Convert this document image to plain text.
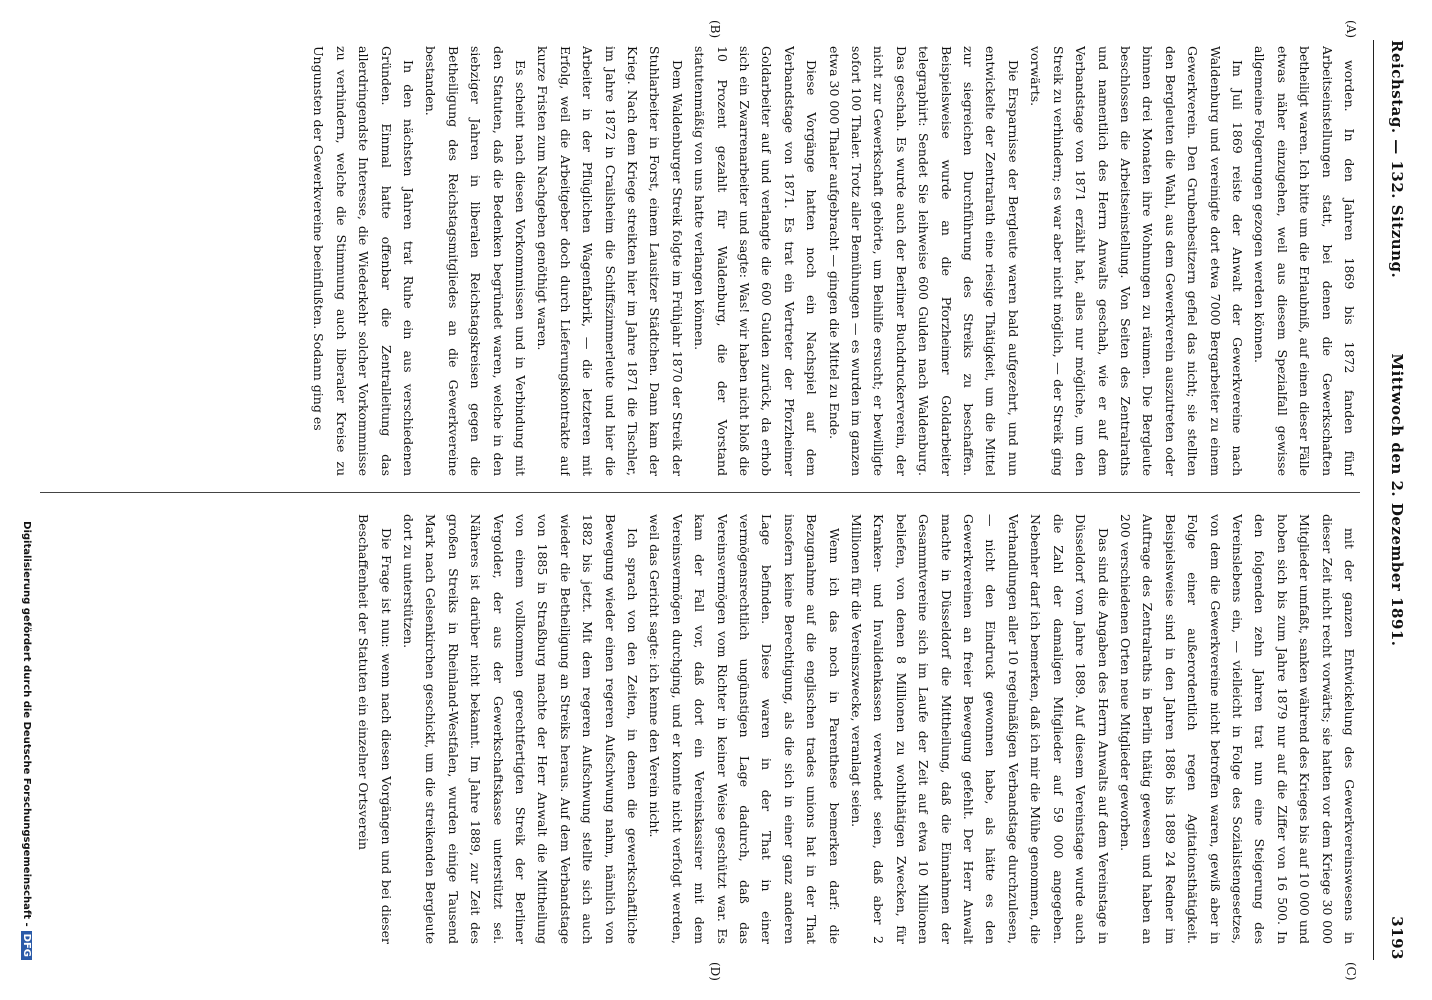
Reichstag. — 132. Sitzung.
Mittwoch den 2. Dezember 1891.
3193
(A)
(B)
(C)
(D)

worden. In den Jahren 1869 bis 1872 fanden fünf Arbeitseinstellungen statt, bei denen die Gewerkschaften betheiligt waren. Ich bitte um die Erlaubniß, auf einen dieser Fälle etwas näher einzugehen, weil aus diesem Spezialfall gewisse allgemeine Folgerungen gezogen werden können.

Im Juli 1869 reiste der Anwalt der Gewerkvereine nach Waldenburg und vereinigte dort etwa 7000 Bergarbeiter zu einem Gewerkverein. Den Grubenbesitzern gefiel das nicht; sie stellten den Bergleuten die Wahl, aus dem Gewerkverein auszutreten oder binnen drei Monaten ihre Wohnungen zu räumen. Die Bergleute beschlossen die Arbeitseinstellung. Von Seiten des Zentralraths und namentlich des Herrn Anwalts geschah, wie er auf dem Verbandstage von 1871 erzählt hat, alles nur mögliche, um den Streik zu verhindern; es war aber nicht möglich, — der Streik ging vorwärts.

Die Ersparnisse der Bergleute waren bald aufgezehrt, und nun entwickelte der Zentralrath eine riesige Thätigkeit, um die Mittel zur siegreichen Durchführung des Streiks zu beschaffen. Beispielsweise wurde an die Pforzheimer Goldarbeiter telegraphirt: Sendet Sie leihweise 600 Gulden nach Waldenburg. Das geschah. Es wurde auch der Berliner Buchdruckerverein, der nicht zur Gewerkschaft gehörte, um Beihilfe ersucht; er bewilligte sofort 100 Thaler. Trotz aller Bemühungen — es wurden im ganzen etwa 30 000 Thaler aufgebracht — gingen die Mittel zu Ende.

Diese Vorgänge hatten noch ein Nachspiel auf dem Verbandstage von 1871. Es trat ein Vertreter der Pforzheimer Goldarbeiter auf und verlangte die 600 Gulden zurück, da erhob sich ein Zwarrenarbeiter und sagte: Was! wir haben nicht bloß die 10 Prozent gezahlt für Waldenburg, die der Vorstand statutenmäßig von uns hatte verlangen können.

Dem Waldenburger Streik folgte im Frühjahr 1870 der Streik der Stuhlarbeiter in Forst, einem Lausitzer Städtchen. Dann kam der Krieg. Nach dem Kriege streikten hier im Jahre 1871 die Tischler, im Jahre 1872 in Crailsheim die Schiffszimmerleute und hier die Arbeiter in der Pflüglichen Wagenfabrik, — die letzteren mit Erfolg, weil die Arbeitgeber doch durch Lieferungskontrakte auf kurze Fristen zum Nachgeben genöthigt waren.

Es scheint nach diesen Vorkommnissen und in Verbindung mit den Statuten, daß die Bedenken begründet waren, welche in den siebziger Jahren in liberalen Reichstagskreisen gegen die Betheiligung des Reichstagsmitgliedes an die Gewerkvereine bestanden.

In den nächsten Jahren trat Ruhe ein aus verschiedenen Gründen. Einmal hatte offenbar die Zentralleitung das allerdringendste Interesse, die Wiederkehr solcher Vorkommnisse zu verhindern, welche die Stimmung auch liberaler Kreise zu Ungunsten der Gewerkvereine beeinflußten. Sodann ging es

mit der ganzen Entwickelung des Gewerkvereinswesens in dieser Zeit nicht recht vorwärts; sie hatten vor dem Kriege 30 000 Mitglieder umfaßt, sanken während des Krieges bis auf 10 000 und hoben sich bis zum Jahre 1879 nur auf die Ziffer von 16 500. In den folgenden zehn Jahren trat nun eine Steigerung des Vereinslebens ein, — vielleicht in Folge des Sozialistengesetzes, von dem die Gewerkvereine nicht betroffen waren, gewiß aber in Folge einer außerordentlich regen Agitationsthätigkeit. Beispielsweise sind in den Jahren 1886 bis 1889 24 Redner im Auftrage des Zentralraths in Berlin thätig gewesen und haben an 200 verschiedenen Orten neue Mitglieder geworben.

Das sind die Angaben des Herrn Anwalts auf dem Vereinstage in Düsseldorf vom Jahre 1889. Auf diesem Vereinstage wurde auch die Zahl der damaligen Mitglieder auf 59 000 angegeben. Nebenher darf ich bemerken, daß ich mir die Mühe genommen, die Verhandlungen aller 10 regelmäßigen Verbandstage durchzulesen, — nicht den Eindruck gewonnen habe, als hätte es den Gewerkvereinen an freier Bewegung gefehlt. Der Herr Anwalt machte in Düsseldorf die Mittheilung, daß die Einnahmen der Gesammtvereine sich im Laufe der Zeit auf etwa 10 Millionen beliefen, von denen 8 Millionen zu wohlthätigen Zwecken, für Kranken- und Invalidenkassen verwendet seien, daß aber 2 Millionen für die Vereinszwecke, veranlagt seien.

Wenn ich das noch in Parenthese bemerken darf: die Bezugnahme auf die englischen trades unions hat in der That insofern keine Berechtigung, als die sich in einer ganz anderen Lage befinden. Diese waren in der That in einer vermögensrechtlich ungünstigen Lage dadurch, daß das Vereinsvermögen vom Richter in keiner Weise geschützt war. Es kam der Fall vor, daß dort ein Vereinskassirer mit dem Vereinsvermögen durchging, und er konnte nicht verfolgt werden, weil das Gericht sagte: ich kenne den Verein nicht.

Ich sprach von den Zeiten, in denen die gewerkschaftliche Bewegung wieder einen regeren Aufschwung nahm, nämlich von 1882 bis jetzt. Mit dem regeren Aufschwung stellte sich auch wieder die Betheiligung an Streiks heraus. Auf dem Verbandstage von 1885 in Straßburg machte der Herr Anwalt die Mittheilung von einem vollkommen gerechtfertigten Streik der Berliner Vergolder, der aus der Gewerkschaftskasse unterstützt sei. Näheres ist darüber nicht bekannt. Im Jahre 1889, zur Zeit des großen Streiks in Rheinland-Westfalen, wurden einige Tausend Mark nach Gelsenkirchen geschickt, um die streikenden Bergleute dort zu unterstützen.

Die Frage ist nun: wenn nach diesen Vorgängen und bei dieser Beschaffenheit der Statuten ein einzelner Ortsverein

Digitalisierung gefördert durch die Deutsche Forschungsgemeinschaft -DFG
